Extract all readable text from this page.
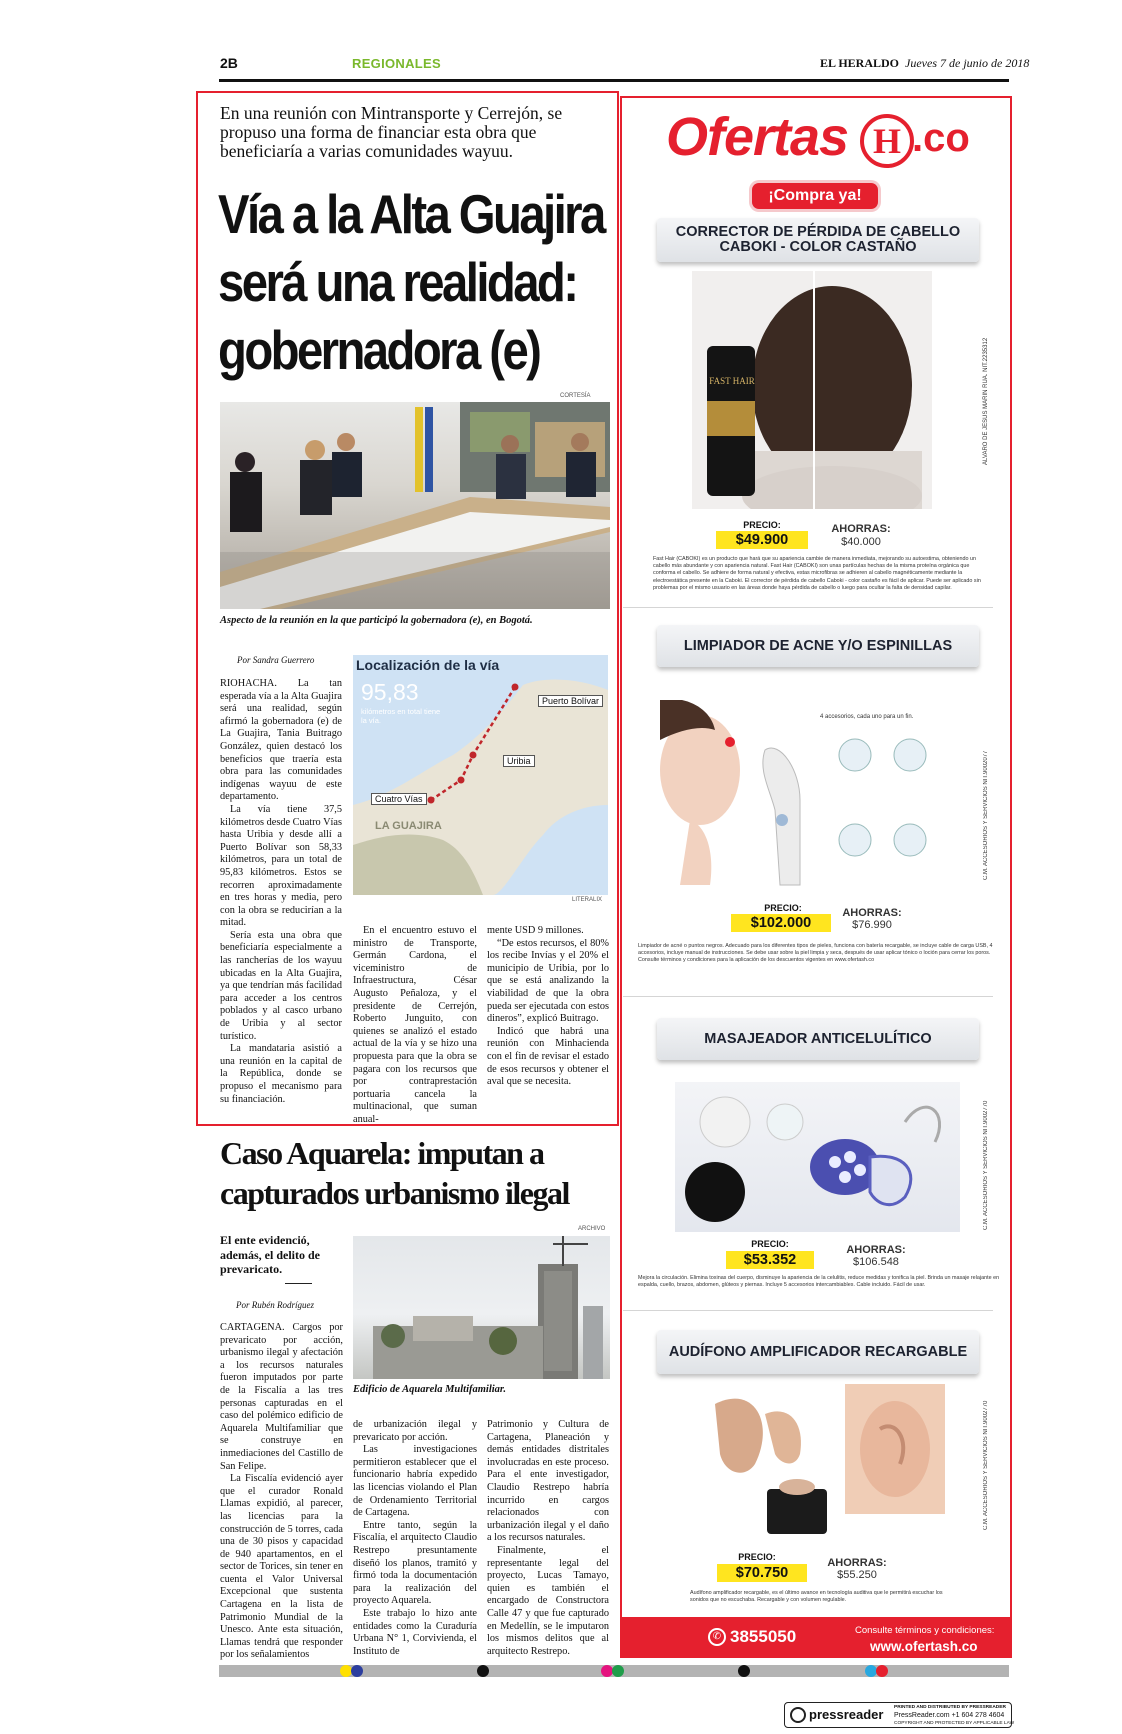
2B	REGIONALES	EL HERALDO Jueves 7 de junio de 2018
En una reunión con Mintransporte y Cerrejón, se propuso una forma de financiar esta obra que beneficiaría a varias comunidades wayuu.
Vía a la Alta Guajira será una realidad: gobernadora (e)
CORTESÍA
Aspecto de la reunión en la que participó la gobernadora (e), en Bogotá.
Por Sandra Guerrero

RIOHACHA. La tan esperada vía a la Alta Guajira será una realidad, según afirmó la gobernadora (e) de La Guajira, Tania Buitrago González, quien destacó los beneficios que traería esta obra para las comunidades indígenas wayuu de este departamento.

La vía tiene 37,5 kilómetros desde Cuatro Vías hasta Uribia y desde allí a Puerto Bolívar son 58,33 kilómetros, para un total de 95,83 kilómetros. Estos se recorren aproximadamente en tres horas y media, pero con la obra se reducirían a la mitad.

Sería esta una obra que beneficiaría especialmente a las rancherías de los wayuu ubicadas en la Alta Guajira, ya que tendrían más facilidad para acceder a los centros poblados y al casco urbano de Uribia y al sector turístico.

La mandataria asistió a una reunión en la capital de la República, donde se propuso el mecanismo para su financiación.

Localización de la vía
95,83
kilómetros en total tiene la vía.
Puerto Bolívar
Uribia
Cuatro Vías
LA GUAJIRA
LITERALIX

En el encuentro estuvo el ministro de Transporte, Germán Cardona, el viceministro de Infraestructura, César Augusto Peñaloza, y el presidente de Cerrejón, Roberto Junguito, con quienes se analizó el estado actual de la vía y se hizo una propuesta para que la obra se pagara con los recursos que por contraprestación portuaria cancela la multinacional, que suman anual-

mente USD 9 millones.

“De estos recursos, el 80% los recibe Invías y el 20% el municipio de Uribia, por lo que se está analizando la viabilidad de que la obra pueda ser ejecutada con estos dineros”, explicó Buitrago.

Indicó que habrá una reunión con Minhacienda con el fin de revisar el estado de esos recursos y obtener el aval que se necesita.

Caso Aquarela: imputan a capturados urbanismo ilegal
El ente evidenció, además, el delito de prevaricato.
Por Rubén Rodríguez
ARCHIVO
Edificio de Aquarela Multifamiliar.

CARTAGENA. Cargos por prevaricato por acción, urbanismo ilegal y afectación a los recursos naturales fueron imputados por parte de la Fiscalía a las tres personas capturadas en el caso del polémico edificio de Aquarela Multifamiliar que se construye en inmediaciones del Castillo de San Felipe.

La Fiscalía evidenció ayer que el curador Ronald Llamas expidió, al parecer, las licencias para la construcción de 5 torres, cada una de 30 pisos y capacidad de 940 apartamentos, en el sector de Torices, sin tener en cuenta el Valor Universal Excepcional que sustenta Cartagena en la lista de Patrimonio Mundial de la Unesco. Ante esta situación, Llamas tendrá que responder por los señalamientos

de urbanización ilegal y prevaricato por acción.

Las investigaciones permitieron establecer que el funcionario habría expedido las licencias violando el Plan de Ordenamiento Territorial de Cartagena.

Entre tanto, según la Fiscalía, el arquitecto Claudio Restrepo presuntamente diseñó los planos, tramitó y firmó toda la documentación para la realización del proyecto Aquarela.

Este trabajo lo hizo ante entidades como la Curaduría Urbana N° 1, Corvivienda, el Instituto de

Patrimonio y Cultura de Cartagena, Planeación y demás entidades distritales involucradas en este proceso. Para el ente investigador, Claudio Restrepo habría incurrido en cargos relacionados con urbanización ilegal y el daño a los recursos naturales.

Finalmente, el representante legal del proyecto, Lucas Tamayo, quien es también el encargado de Constructora Calle 47 y que fue capturado en Medellín, se le imputaron los mismos delitos que al arquitecto Restrepo.

Ofertas H .co
¡Compra ya!
CORRECTOR DE PÉRDIDA DE CABELLO CABOKI - COLOR CASTAÑO
FAST HAIR	ÁLVARO DE JESÚS MARIN RUA. NIT.2235312
PRECIO:
$49.900
AHORRAS:
$40.000
Fast Hair (CABOKI) es un producto que hará que su apariencia cambie de manera inmediata, mejorando su autoestima, obteniendo un cabello más abundante y con apariencia natural. Fast Hair (CABOKI) son unas partículas hechas de la misma proteína orgánica que conforma el cabello. Se adhiere de forma natural y efectiva, estas microfibras se adhieren al cabello magnéticamente mediante la electroestática presente en la Caboki. El corrector de pérdida de cabello Caboki - color castaño es fácil de aplicar. Puede ser aplicado sin problemas por el mismo usuario en las áreas donde haya pérdida de cabello o luego para ocultar la falta de densidad capilar.
LIMPIADOR DE ACNE Y/O ESPINILLAS
4 accesorios, cada uno para un fin.
C.M. ACCESORIOS Y SERVICIOS NIT.9002077
PRECIO:
$102.000
AHORRAS:
$76.990
Limpiador de acné o puntos negros. Adecuado para los diferentes tipos de pieles, funciona con batería recargable, se incluye cable de carga USB, 4 accesorios, incluye manual de instrucciones. Se debe usar sobre la piel limpia y seca, después de usar aplicar tónico o loción para cerrar los poros. Consulte términos y condiciones para la aplicación de los descuentos vigentes en www.ofertash.co
MASAJEADOR ANTICELULÍTICO
C.M. ACCESORIOS Y SERVICIOS NIT.9002770
PRECIO:
$53.352
AHORRAS:
$106.548
Mejora la circulación. Elimina toxinas del cuerpo, disminuye la apariencia de la celulitis, reduce medidas y tonifica la piel. Brinda un masaje relajante en espalda, cuello, brazos, abdomen, glúteos y piernas. Incluye 5 accesorios intercambiables. Cable incluido. Fácil de usar.
AUDÍFONO AMPLIFICADOR RECARGABLE
C.M. ACCESORIOS Y SERVICIOS NIT.9002770
PRECIO:
$70.750
AHORRAS:
$55.250
Audífono amplificador recargable, es el último avance en tecnología auditiva que le permitirá escuchar los sonidos que no escuchaba. Recargable y con volumen regulable.
✆ 3855050	Consulte términos y condiciones:
www.ofertash.co
pressreader PRINTED AND DISTRIBUTED BY PRESSREADER
PressReader.com +1 604 278 4604
COPYRIGHT AND PROTECTED BY APPLICABLE LAW
